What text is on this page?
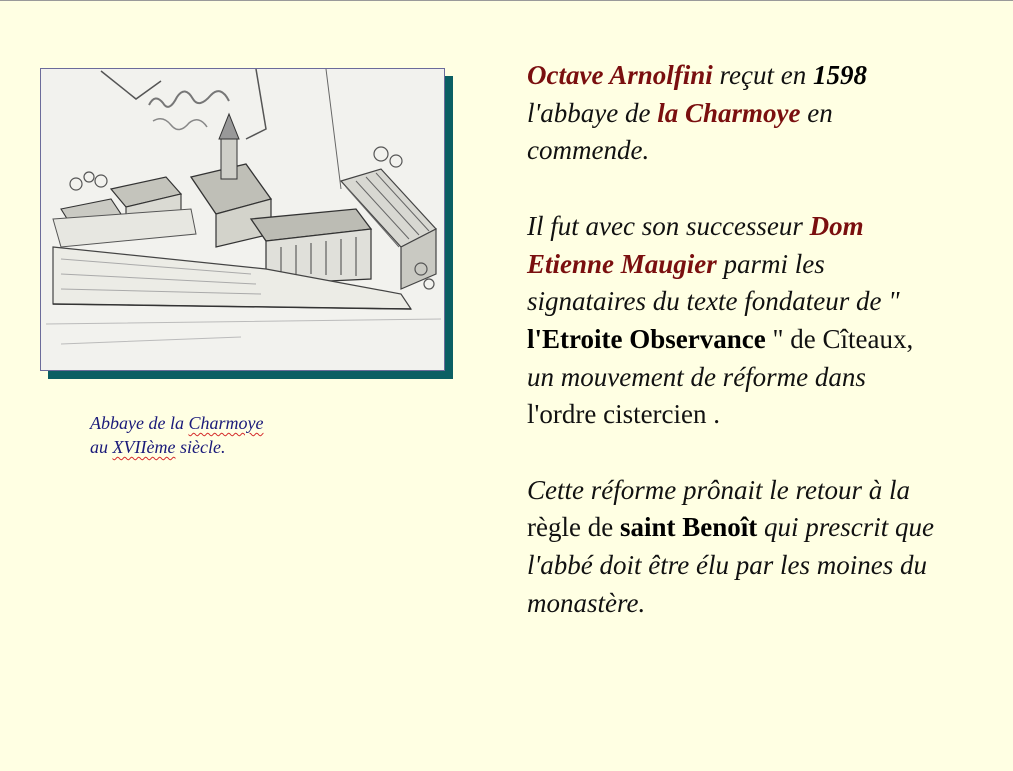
Abbaye de la Charmoye
au XVIIème siècle.

Octave Arnolfini reçut en 1598
l'abbaye de la Charmoye en
commende.

Il fut avec son successeur Dom
Etienne Maugier parmi les
signataires du texte fondateur de "
l'Etroite Observance " de Cîteaux,
un mouvement de réforme dans
l'ordre cistercien .

Cette réforme prônait le retour à la
règle de saint Benoît qui prescrit que
l'abbé doit être élu par les moines du
monastère.
